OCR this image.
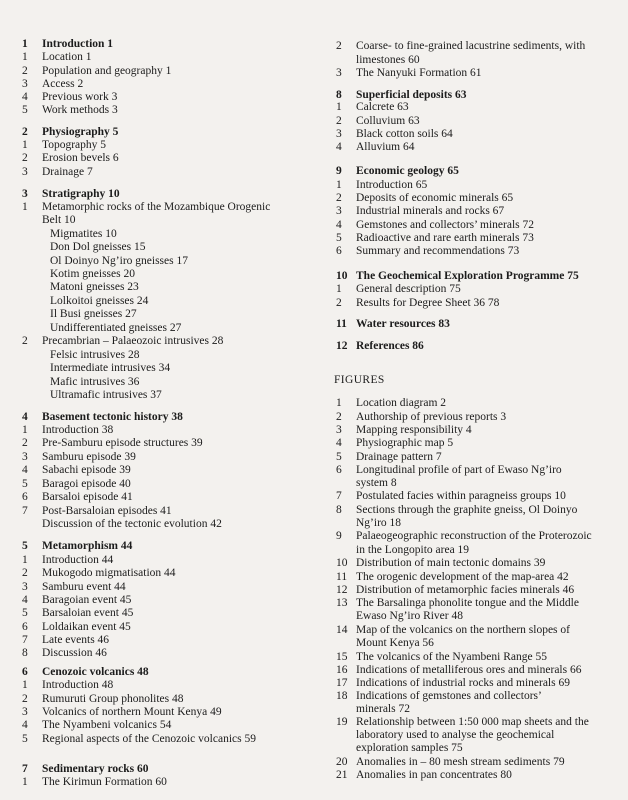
1 Introduction 1
1 Location 1
2 Population and geography 1
3 Access 2
4 Previous work 3
5 Work methods 3
2 Physiography 5
1 Topography 5
2 Erosion bevels 6
3 Drainage 7
3 Stratigraphy 10
1 Metamorphic rocks of the Mozambique Orogenic
Belt 10
Migmatites 10
Don Dol gneisses 15
Ol Doinyo Ng’iro gneisses 17
Kotim gneisses 20
Matoni gneisses 23
Lolkoitoi gneisses 24
Il Busi gneisses 27
Undifferentiated gneisses 27
2 Precambrian – Palaeozoic intrusives 28
Felsic intrusives 28
Intermediate intrusives 34
Mafic intrusives 36
Ultramafic intrusives 37
4 Basement tectonic history 38
1 Introduction 38
2 Pre-Samburu episode structures 39
3 Samburu episode 39
4 Sabachi episode 39
5 Baragoi episode 40
6 Barsaloi episode 41
7 Post-Barsaloian episodes 41
Discussion of the tectonic evolution 42
5 Metamorphism 44
1 Introduction 44
2 Mukogodo migmatisation 44
3 Samburu event 44
4 Baragoian event 45
5 Barsaloian event 45
6 Loldaikan event 45
7 Late events 46
8 Discussion 46
6 Cenozoic volcanics 48
1 Introduction 48
2 Rumuruti Group phonolites 48
3 Volcanics of northern Mount Kenya 49
4 The Nyambeni volcanics 54
5 Regional aspects of the Cenozoic volcanics 59
7 Sedimentary rocks 60
1 The Kirimun Formation 60
2 Coarse- to fine-grained lacustrine sediments, with
limestones 60
3 The Nanyuki Formation 61
8 Superficial deposits 63
1 Calcrete 63
2 Colluvium 63
3 Black cotton soils 64
4 Alluvium 64
9 Economic geology 65
1 Introduction 65
2 Deposits of economic minerals 65
3 Industrial minerals and rocks 67
4 Gemstones and collectors’ minerals 72
5 Radioactive and rare earth minerals 73
6 Summary and recommendations 73
10 The Geochemical Exploration Programme 75
1 General description 75
2 Results for Degree Sheet 36 78
11 Water resources 83
12 References 86
FIGURES
1 Location diagram 2
2 Authorship of previous reports 3
3 Mapping responsibility 4
4 Physiographic map 5
5 Drainage pattern 7
6 Longitudinal profile of part of Ewaso Ng’iro
system 8
7 Postulated facies within paragneiss groups 10
8 Sections through the graphite gneiss, Ol Doinyo
Ng’iro 18
9 Palaeogeographic reconstruction of the Proterozoic
in the Longopito area 19
10 Distribution of main tectonic domains 39
11 The orogenic development of the map-area 42
12 Distribution of metamorphic facies minerals 46
13 The Barsalinga phonolite tongue and the Middle
Ewaso Ng’iro River 48
14 Map of the volcanics on the northern slopes of
Mount Kenya 56
15 The volcanics of the Nyambeni Range 55
16 Indications of metalliferous ores and minerals 66
17 Indications of industrial rocks and minerals 69
18 Indications of gemstones and collectors’
minerals 72
19 Relationship between 1:50 000 map sheets and the
laboratory used to analyse the geochemical
exploration samples 75
20 Anomalies in – 80 mesh stream sediments 79
21 Anomalies in pan concentrates 80
